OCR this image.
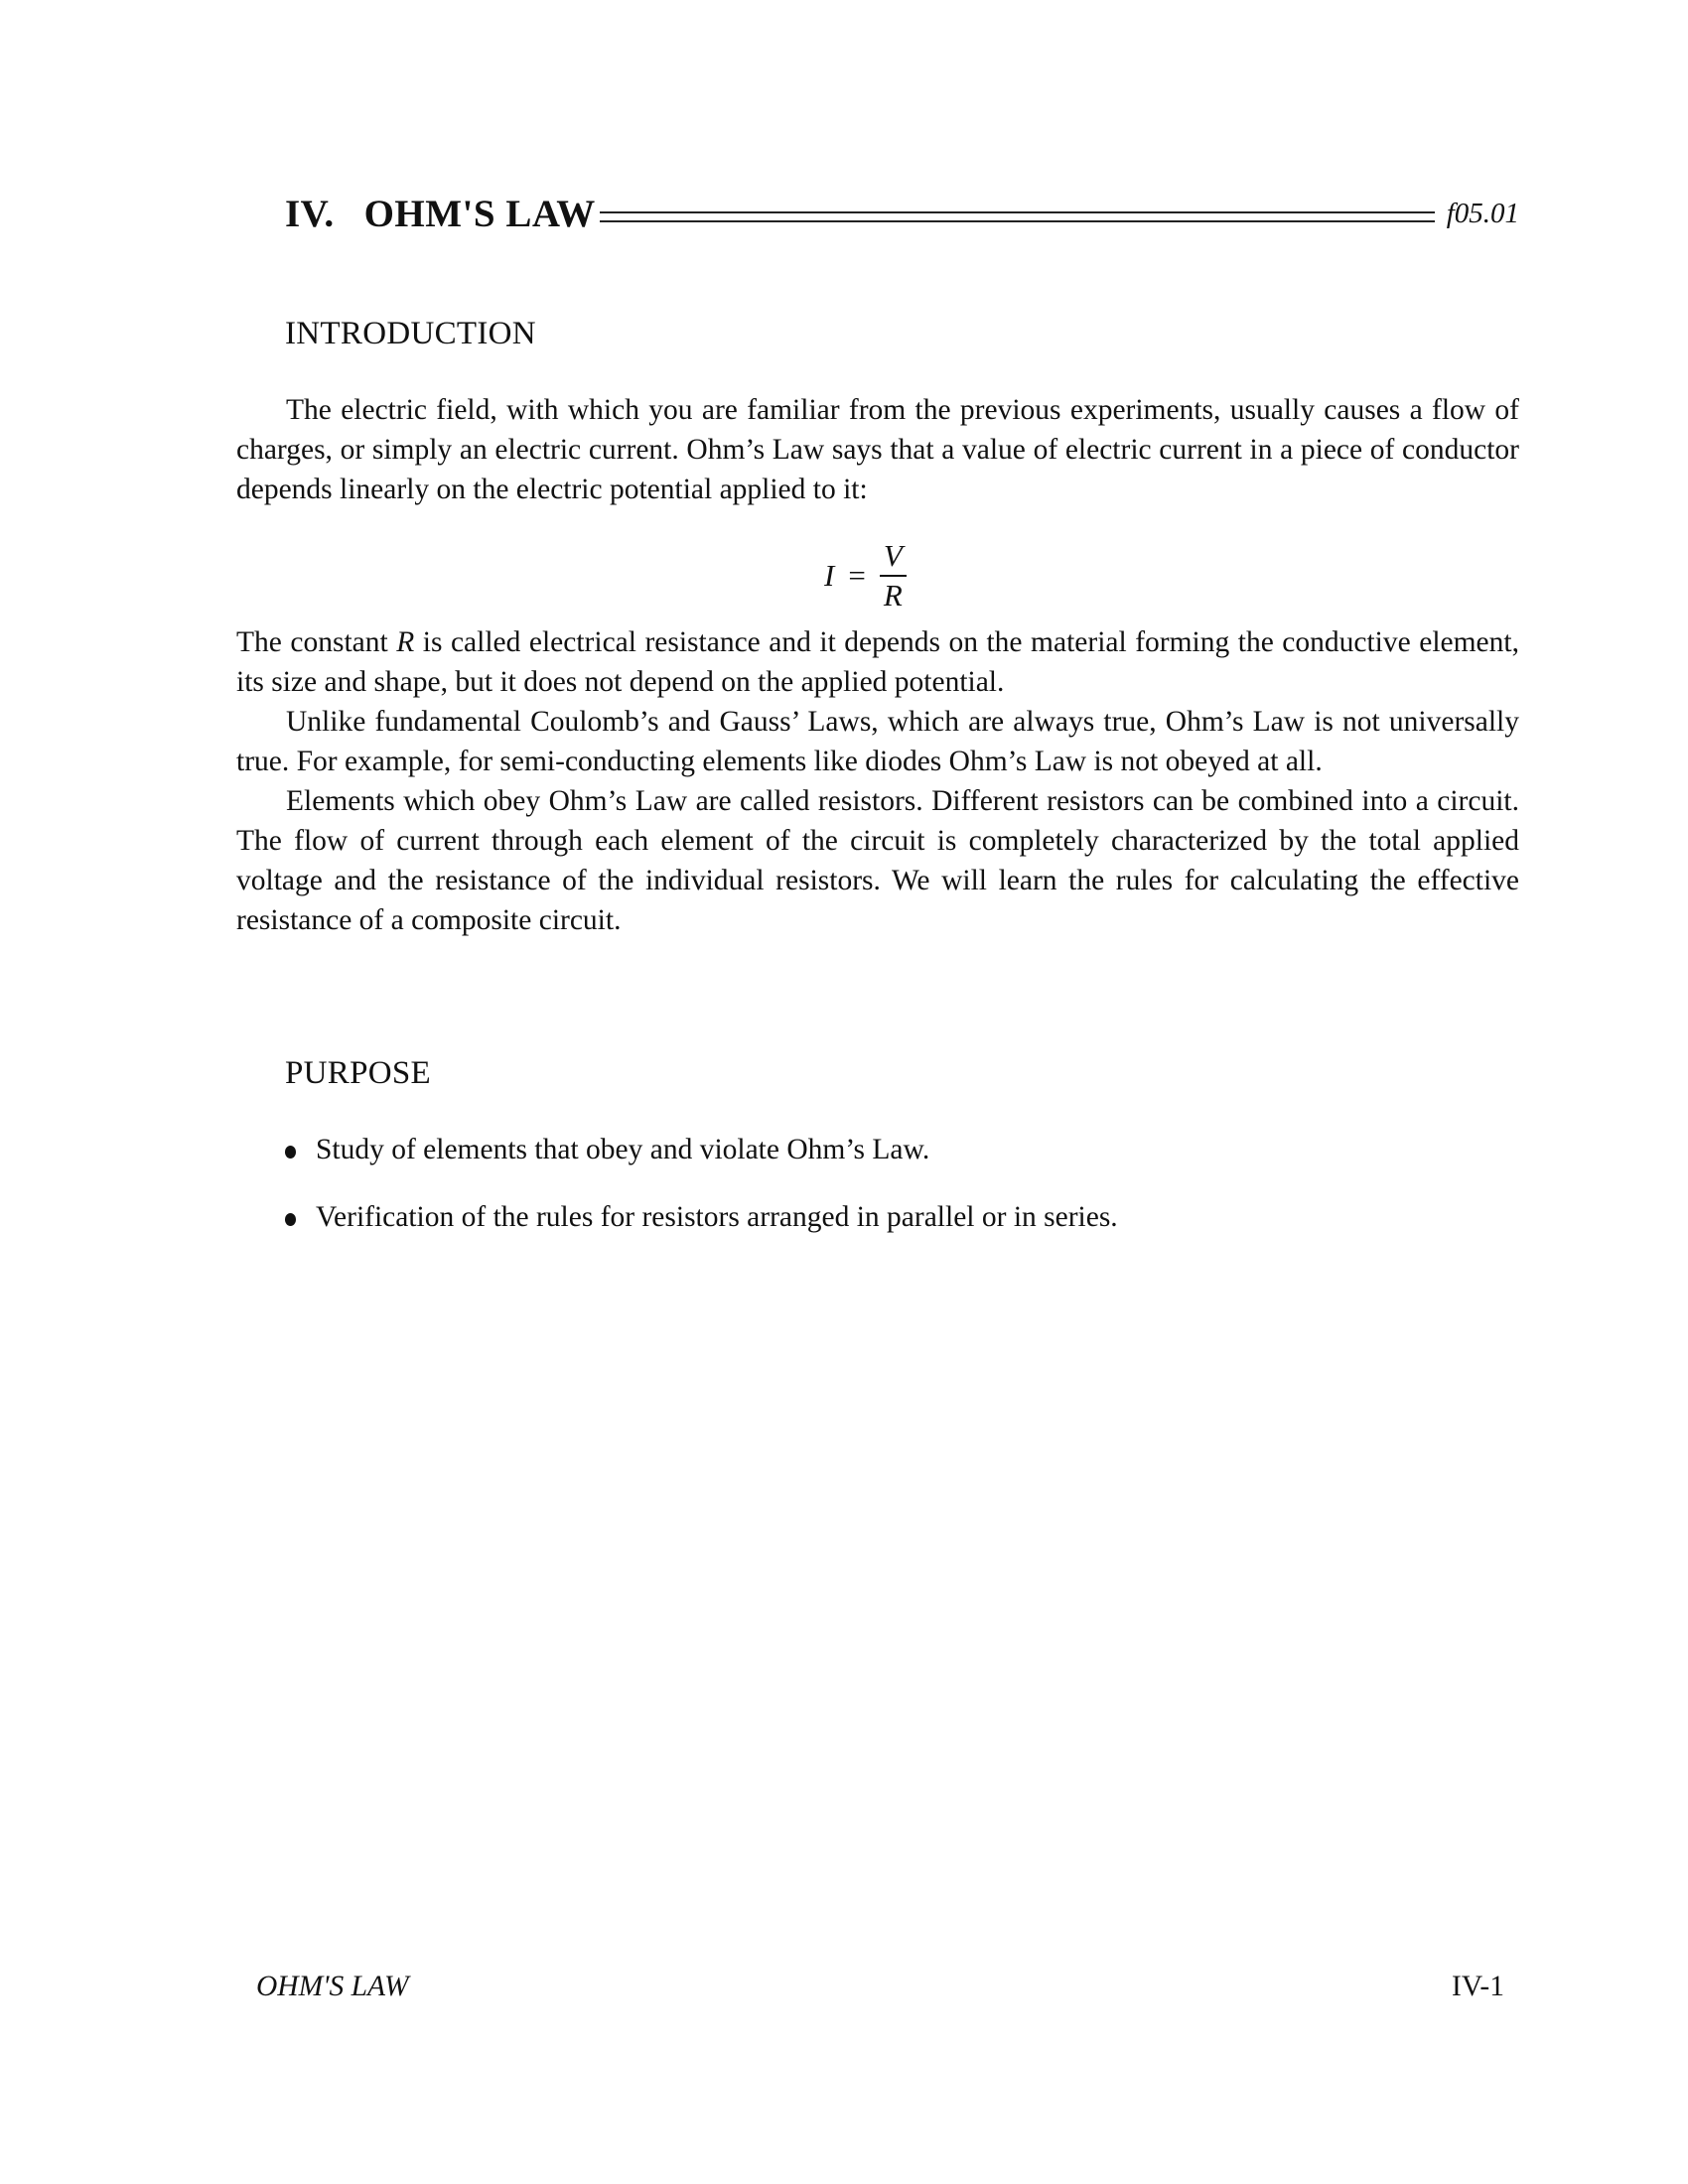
IV. OHM'S LAW	f05.01
INTRODUCTION

The electric field, with which you are familiar from the previous experiments, usually causes a flow of charges, or simply an electric current. Ohm’s Law says that a value of electric current in a piece of conductor depends linearly on the electric potential applied to it:

$I = \frac{V}{R}$

The constant R is called electrical resistance and it depends on the material forming the conductive element, its size and shape, but it does not depend on the applied potential.

Unlike fundamental Coulomb’s and Gauss’ Laws, which are always true, Ohm’s Law is not universally true. For example, for semi-conducting elements like diodes Ohm’s Law is not obeyed at all.

Elements which obey Ohm’s Law are called resistors. Different resistors can be combined into a circuit. The flow of current through each element of the circuit is completely characterized by the total applied voltage and the resistance of the individual resistors. We will learn the rules for calculating the effective resistance of a composite circuit.

PURPOSE
Study of elements that obey and violate Ohm’s Law.
Verification of the rules for resistors arranged in parallel or in series.
OHM'S LAW	IV-1
